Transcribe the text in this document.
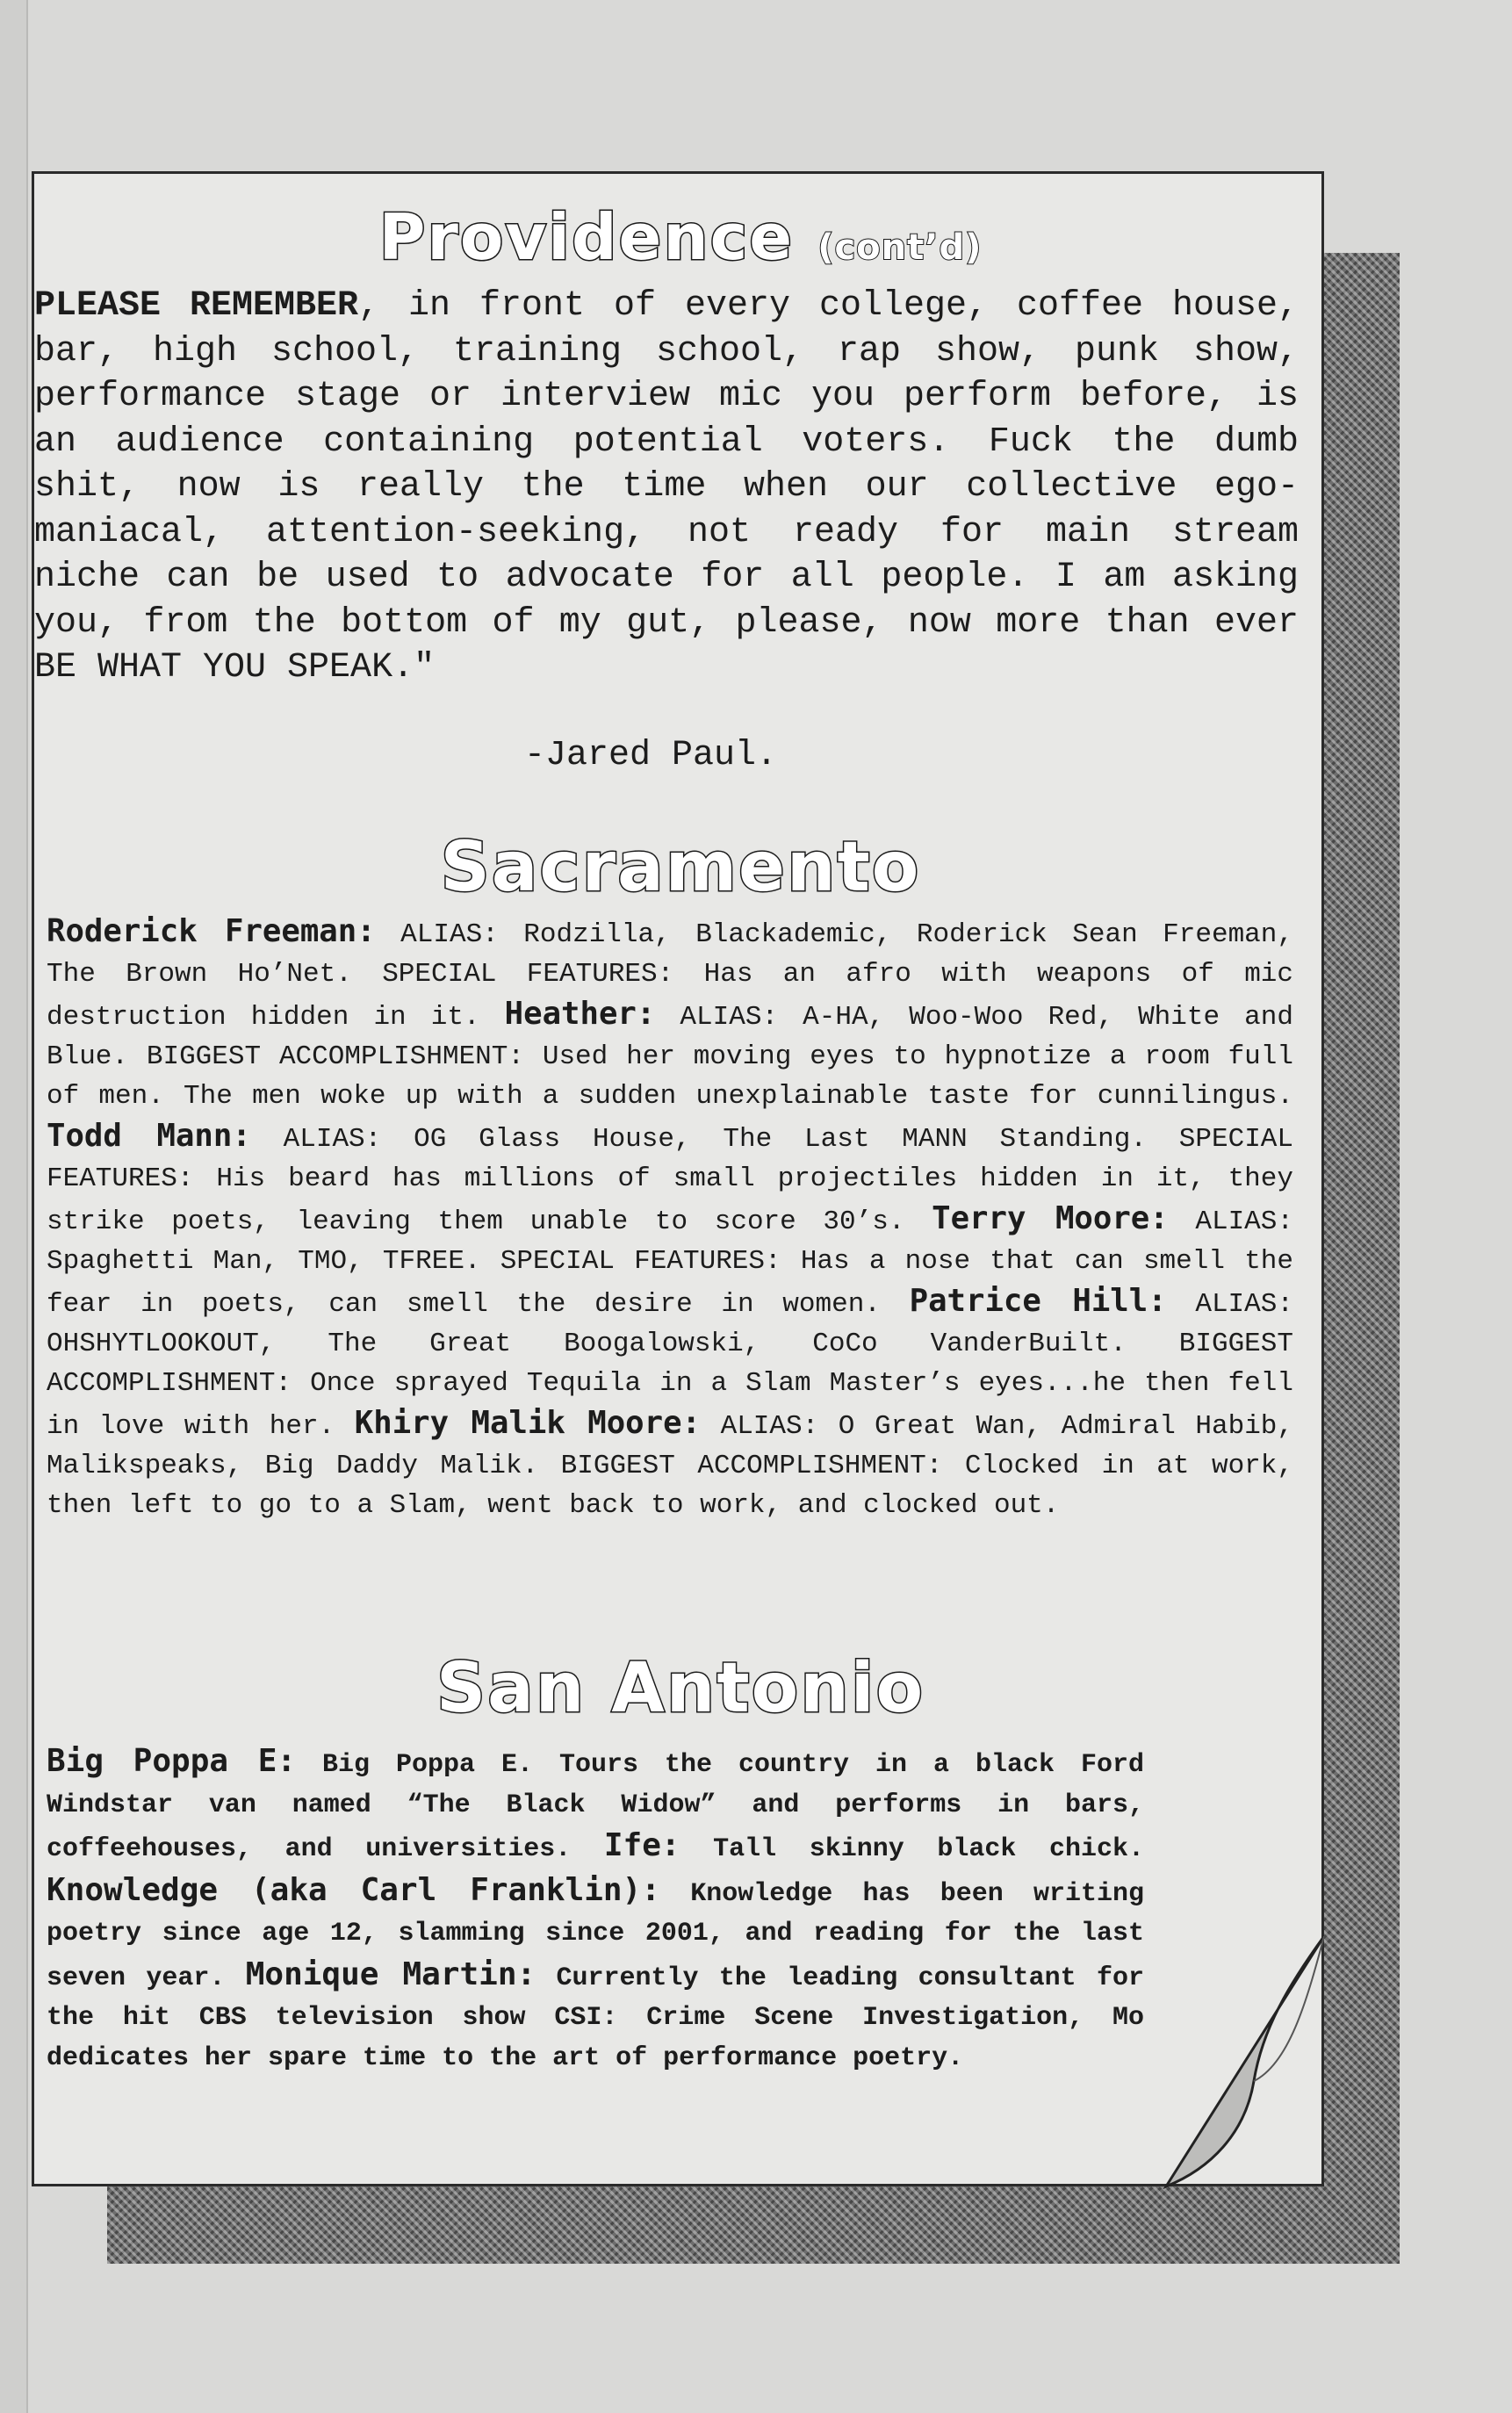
Providence (cont’d)
PLEASE REMEMBER, in front of every college, coffee house, bar, high school, training school, rap show, punk show, performance stage or interview mic you perform before, is an audience containing potential voters. Fuck the dumb shit, now is really the time when our collective ego-maniacal, attention-seeking, not ready for main stream niche can be used to advocate for all people. I am asking you, from the bottom of my gut, please, now more than ever BE WHAT YOU SPEAK."
-Jared Paul.
Sacramento
Roderick Freeman: ALIAS: Rodzilla, Blackademic, Roderick Sean Freeman, The Brown Ho’Net. SPECIAL FEATURES: Has an afro with weapons of mic destruction hidden in it. Heather: ALIAS: A-HA, Woo-Woo Red, White and Blue. BIGGEST ACCOMPLISHMENT: Used her moving eyes to hypnotize a room full of men. The men woke up with a sudden unexplainable taste for cunnilingus. Todd Mann: ALIAS: OG Glass House, The Last MANN Standing. SPECIAL FEATURES: His beard has millions of small projectiles hidden in it, they strike poets, leaving them unable to score 30’s. Terry Moore: ALIAS: Spaghetti Man, TMO, TFREE. SPECIAL FEATURES: Has a nose that can smell the fear in poets, can smell the desire in women. Patrice Hill: ALIAS: OHSHYTLOOKOUT, The Great Boogalowski, CoCo VanderBuilt. BIGGEST ACCOMPLISHMENT: Once sprayed Tequila in a Slam Master’s eyes...he then fell in love with her. Khiry Malik Moore: ALIAS: O Great Wan, Admiral Habib, Malikspeaks, Big Daddy Malik. BIGGEST ACCOMPLISHMENT: Clocked in at work, then left to go to a Slam, went back to work, and clocked out.
San Antonio
Big Poppa E: Big Poppa E. Tours the country in a black Ford Windstar van named “The Black Widow” and performs in bars, coffeehouses, and universities. Ife: Tall skinny black chick. Knowledge (aka Carl Franklin): Knowledge has been writing poetry since age 12, slamming since 2001, and reading for the last seven year. Monique Martin: Currently the leading consultant for the hit CBS television show CSI: Crime Scene Investigation, Mo dedicates her spare time to the art of performance poetry.
